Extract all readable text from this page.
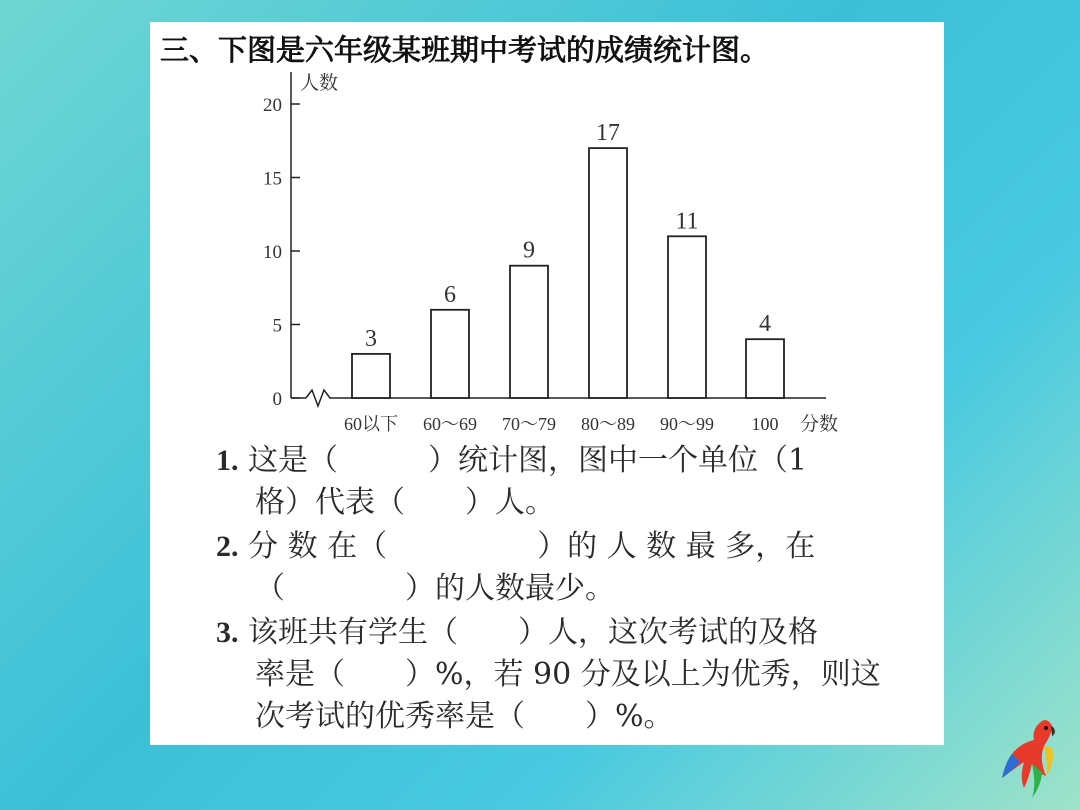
三、下图是六年级某班期中考试的成绩统计图。

人数
分数
0
5
10
15
20
3
6
9
17
11
4
60以下 60～69 70～79 80～89 90～99 100

1. 这是（　　　）统计图，图中一个单位（1

格）代表（　　）人。

2. 分 数 在（　　　　　）的 人 数 最 多，在

（　　　　）的人数最少。

3. 该班共有学生（　　）人，这次考试的及格

率是（　　）%，若 90 分及以上为优秀，则这

次考试的优秀率是（　　）%。
